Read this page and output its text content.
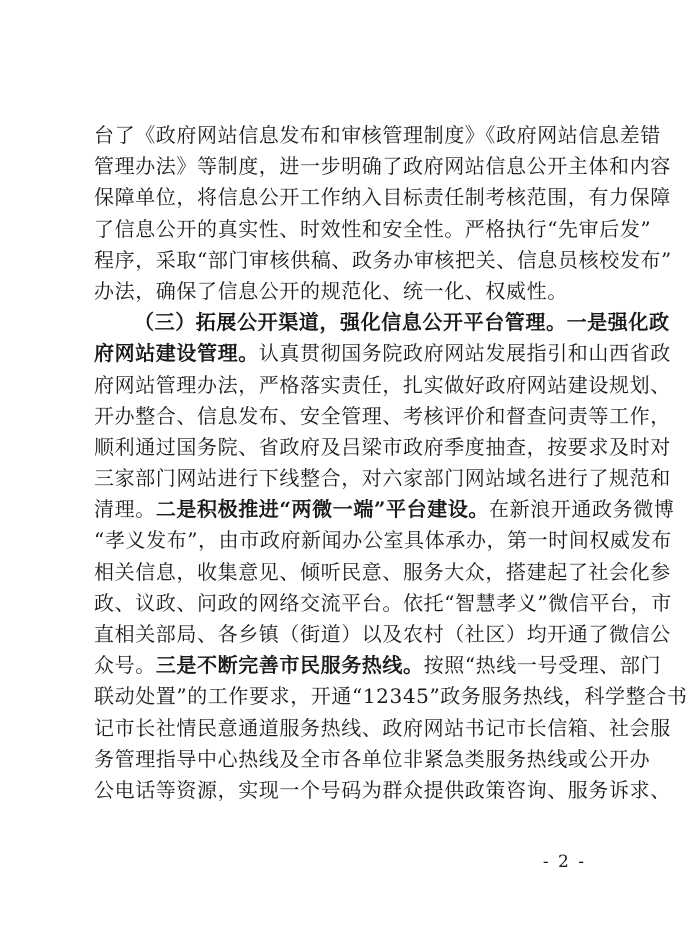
台了《政府网站信息发布和审核管理制度》《政府网站信息差错
管理办法》等制度，进一步明确了政府网站信息公开主体和内容
保障单位，将信息公开工作纳入目标责任制考核范围，有力保障
了信息公开的真实性、时效性和安全性。严格执行“先审后发”
程序，采取“部门审核供稿、政务办审核把关、信息员核校发布”
办法，确保了信息公开的规范化、统一化、权威性。
（三）拓展公开渠道，强化信息公开平台管理。一是强化政
府网站建设管理。认真贯彻国务院政府网站发展指引和山西省政
府网站管理办法，严格落实责任，扎实做好政府网站建设规划、
开办整合、信息发布、安全管理、考核评价和督查问责等工作，
顺利通过国务院、省政府及吕梁市政府季度抽查，按要求及时对
三家部门网站进行下线整合，对六家部门网站域名进行了规范和
清理。二是积极推进“两微一端”平台建设。在新浪开通政务微博
“孝义发布”，由市政府新闻办公室具体承办，第一时间权威发布
相关信息，收集意见、倾听民意、服务大众，搭建起了社会化参
政、议政、问政的网络交流平台。依托“智慧孝义”微信平台，市
直相关部局、各乡镇（街道）以及农村（社区）均开通了微信公
众号。三是不断完善市民服务热线。按照“热线一号受理、部门
联动处置”的工作要求，开通“12345”政务服务热线，科学整合书
记市长社情民意通道服务热线、政府网站书记市长信箱、社会服
务管理指导中心热线及全市各单位非紧急类服务热线或公开办
公电话等资源，实现一个号码为群众提供政策咨询、服务诉求、
- 2 -
